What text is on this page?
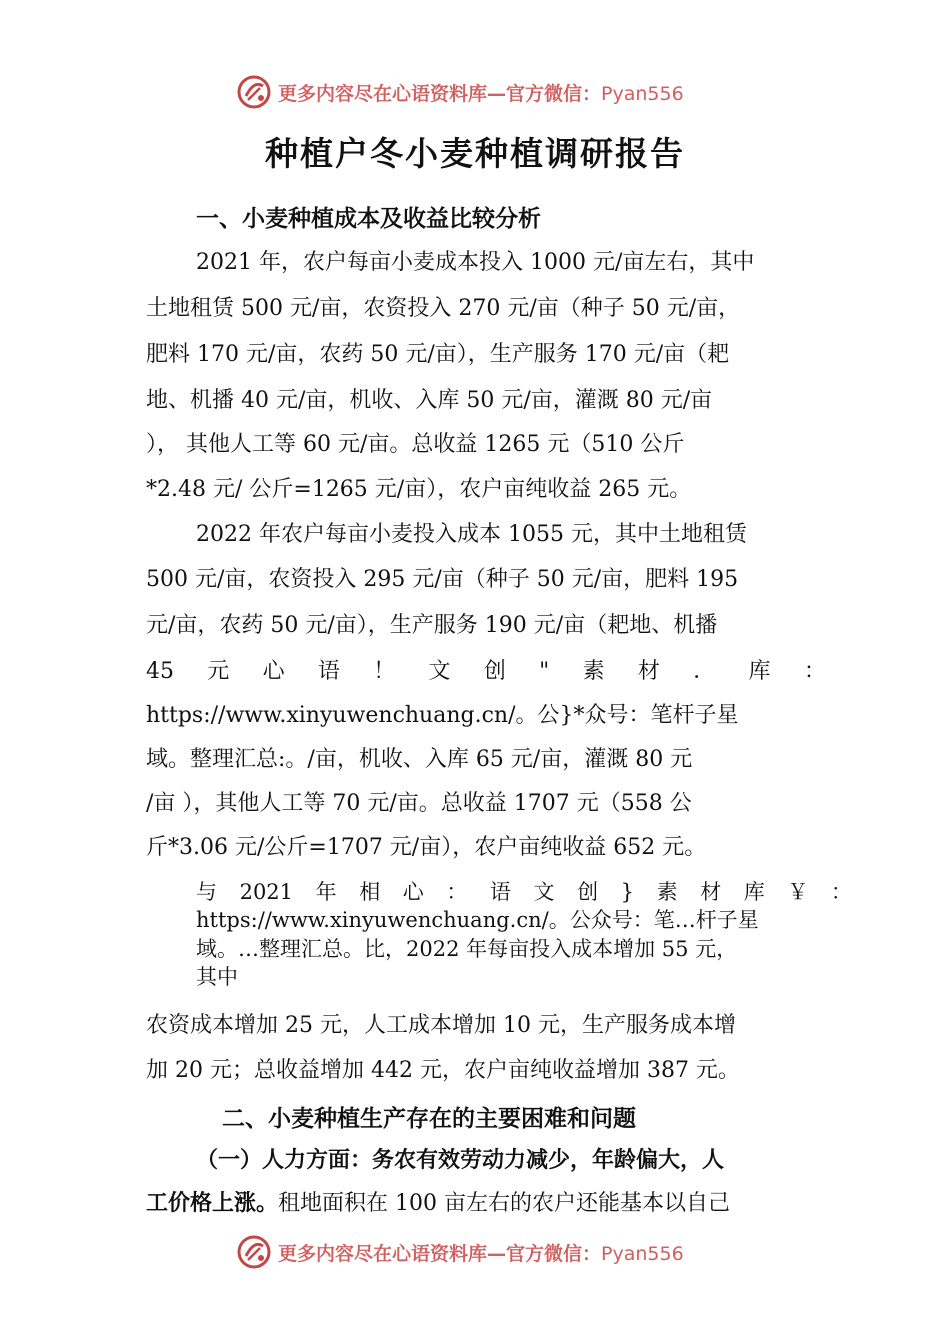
更多内容尽在心语资料库—官方微信：Pyan556
种植户冬小麦种植调研报告
一、小麦种植成本及收益比较分析

2021 年，农户每亩小麦成本投入 1000 元/亩左右，其中

土地租赁 500 元/亩，农资投入 270 元/亩（种子 50 元/亩，

肥料 170 元/亩，农药 50 元/亩），生产服务 170 元/亩（耙

地、机播 40 元/亩，机收、入库 50 元/亩，灌溉 80 元/亩

）， 其他人工等 60 元/亩。总收益 1265 元（510 公斤

*2.48 元/ 公斤=1265 元/亩），农户亩纯收益 265 元。

2022 年农户每亩小麦投入成本 1055 元，其中土地租赁

500 元/亩，农资投入 295 元/亩（种子 50 元/亩，肥料 195

元/亩，农药 50 元/亩），生产服务 190 元/亩（耙地、机播

45 元 心 语 ！ 文 创 " 素 材 ． 库 ：

https://www.xinyuwenchuang.cn/。公}*众号：笔杆子星

域。整理汇总:。/亩，机收、入库 65 元/亩，灌溉 80 元

/亩 ），其他人工等 70 元/亩。总收益 1707 元（558 公

斤*3.06 元/公斤=1707 元/亩），农户亩纯收益 652 元。

与 2021 年 相 心 ： 语 文 创 } 素 材 库 ￥ ：

https://www.xinyuwenchuang.cn/。公众号：笔…杆子星

域。…整理汇总。比，2022 年每亩投入成本增加 55 元，

其中

农资成本增加 25 元，人工成本增加 10 元，生产服务成本增

加 20 元；总收益增加 442 元，农户亩纯收益增加 387 元。

二、小麦种植生产存在的主要困难和问题

（一）人力方面：务农有效劳动力减少，年龄偏大，人

工价格上涨。租地面积在 100 亩左右的农户还能基本以自己

更多内容尽在心语资料库—官方微信：Pyan556
